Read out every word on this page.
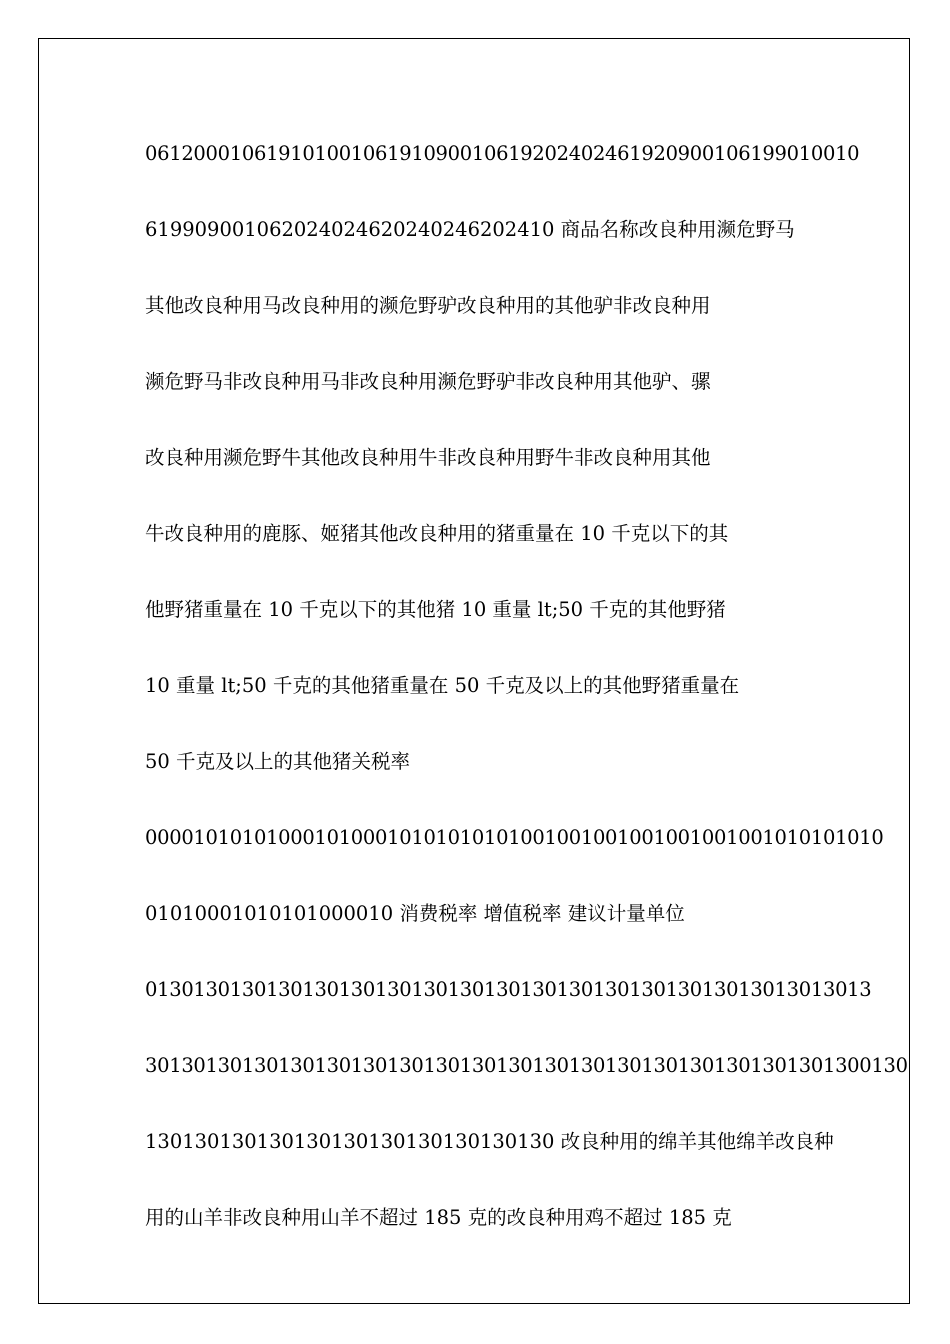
06120001061910100106191090010619202402461920900106199010010
619909001062024024620240246202410 商品名称改良种用濒危野马
其他改良种用马改良种用的濒危野驴改良种用的其他驴非改良种用
濒危野马非改良种用马非改良种用濒危野驴非改良种用其他驴、骡
改良种用濒危野牛其他改良种用牛非改良种用野牛非改良种用其他
牛改良种用的鹿豚、姬猪其他改良种用的猪重量在 10 千克以下的其
他野猪重量在 10 千克以下的其他猪 10 重量 lt;50 千克的其他野猪
10 重量 lt;50 千克的其他猪重量在 50 千克及以上的其他野猪重量在
50 千克及以上的其他猪关税率
0000101010100010100010101010101001001001001001001001010101010
01010001010101000010 消费税率 增值税率 建议计量单位
013013013013013013013013013013013013013013013013013013013013
301301301301301301301301301301301301301301301301301301301300130
130130130130130130130130130130130 改良种用的绵羊其他绵羊改良种
用的山羊非改良种用山羊不超过 185 克的改良种用鸡不超过 185 克
